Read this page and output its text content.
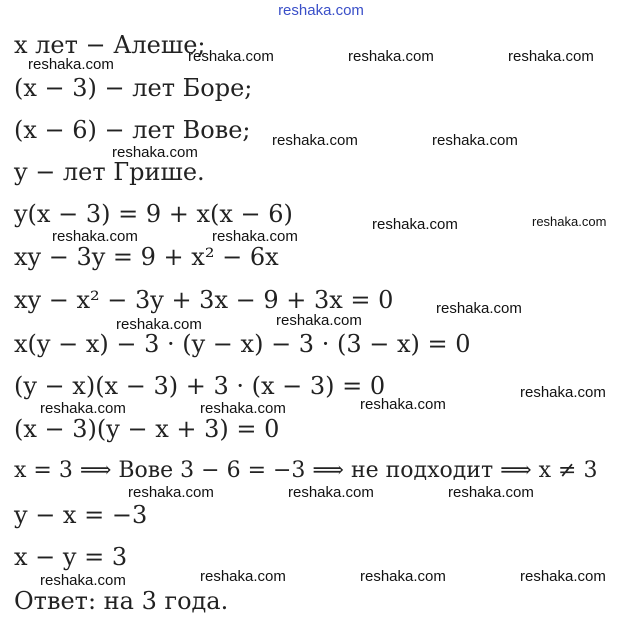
reshaka.com
x лет − Алеше;
(x − 3) − лет Боре;
(x − 6) − лет Вове;
y − лет Грише.
y(x − 3) = 9 + x(x − 6)
xy − 3y = 9 + x² − 6x
xy − x² − 3y + 3x − 9 + 3x = 0
x(y − x) − 3 · (y − x) − 3 · (3 − x) = 0
(y − x)(x − 3) + 3 · (x − 3) = 0
(x − 3)(y − x + 3) = 0
x = 3 ⟹ Вове 3 − 6 = −3 ⟹ не подходит ⟹ x ≠ 3
y − x = −3
x − y = 3
Ответ: на 3 года.
reshaka.com	reshaka.com	reshaka.com	reshaka.com
reshaka.com
reshaka.com	reshaka.com
reshaka.com	reshaka.com
reshaka.com	reshaka.com
reshaka.com	reshaka.com
reshaka.com
reshaka.com	reshaka.com	reshaka.com
reshaka.com
reshaka.com	reshaka.com	reshaka.com
reshaka.com	reshaka.com	reshaka.com	reshaka.com
